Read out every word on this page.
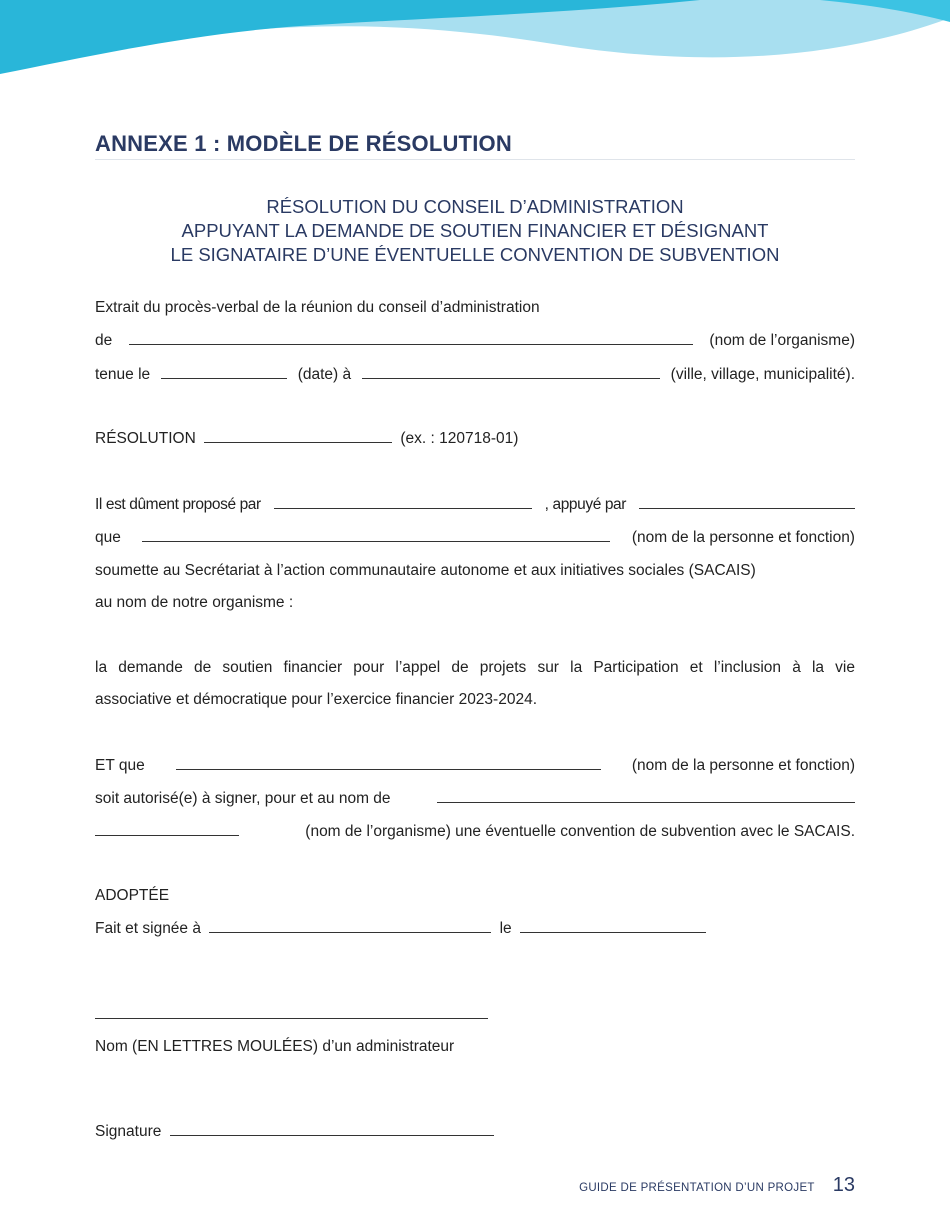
ANNEXE 1 : MODÈLE DE RÉSOLUTION
RÉSOLUTION DU CONSEIL D’ADMINISTRATION
APPUYANT LA DEMANDE DE SOUTIEN FINANCIER ET DÉSIGNANT
LE SIGNATAIRE D’UNE ÉVENTUELLE CONVENTION DE SUBVENTION
Extrait du procès-verbal de la réunion du conseil d’administration
de	(nom de l’organisme)
tenue le	(date) à	(ville, village, municipalité).
RÉSOLUTION	(ex. : 120718-01)
Il est dûment proposé par	, appuyé par
que	(nom de la personne et fonction)
soumette au Secrétariat à l’action communautaire autonome et aux initiatives sociales (SACAIS)
au nom de notre organisme :
la demande de soutien financier pour l’appel de projets sur la Participation et l’inclusion à la vie
associative et démocratique pour l’exercice financier 2023-2024.
ET que	(nom de la personne et fonction)
soit autorisé(e) à signer, pour et au nom de
(nom de l’organisme) une éventuelle convention de subvention avec le SACAIS.
ADOPTÉE
Fait et signée à	le
Nom (EN LETTRES MOULÉES) d’un administrateur
Signature
GUIDE DE PRÉSENTATION D’UN PROJET 13
